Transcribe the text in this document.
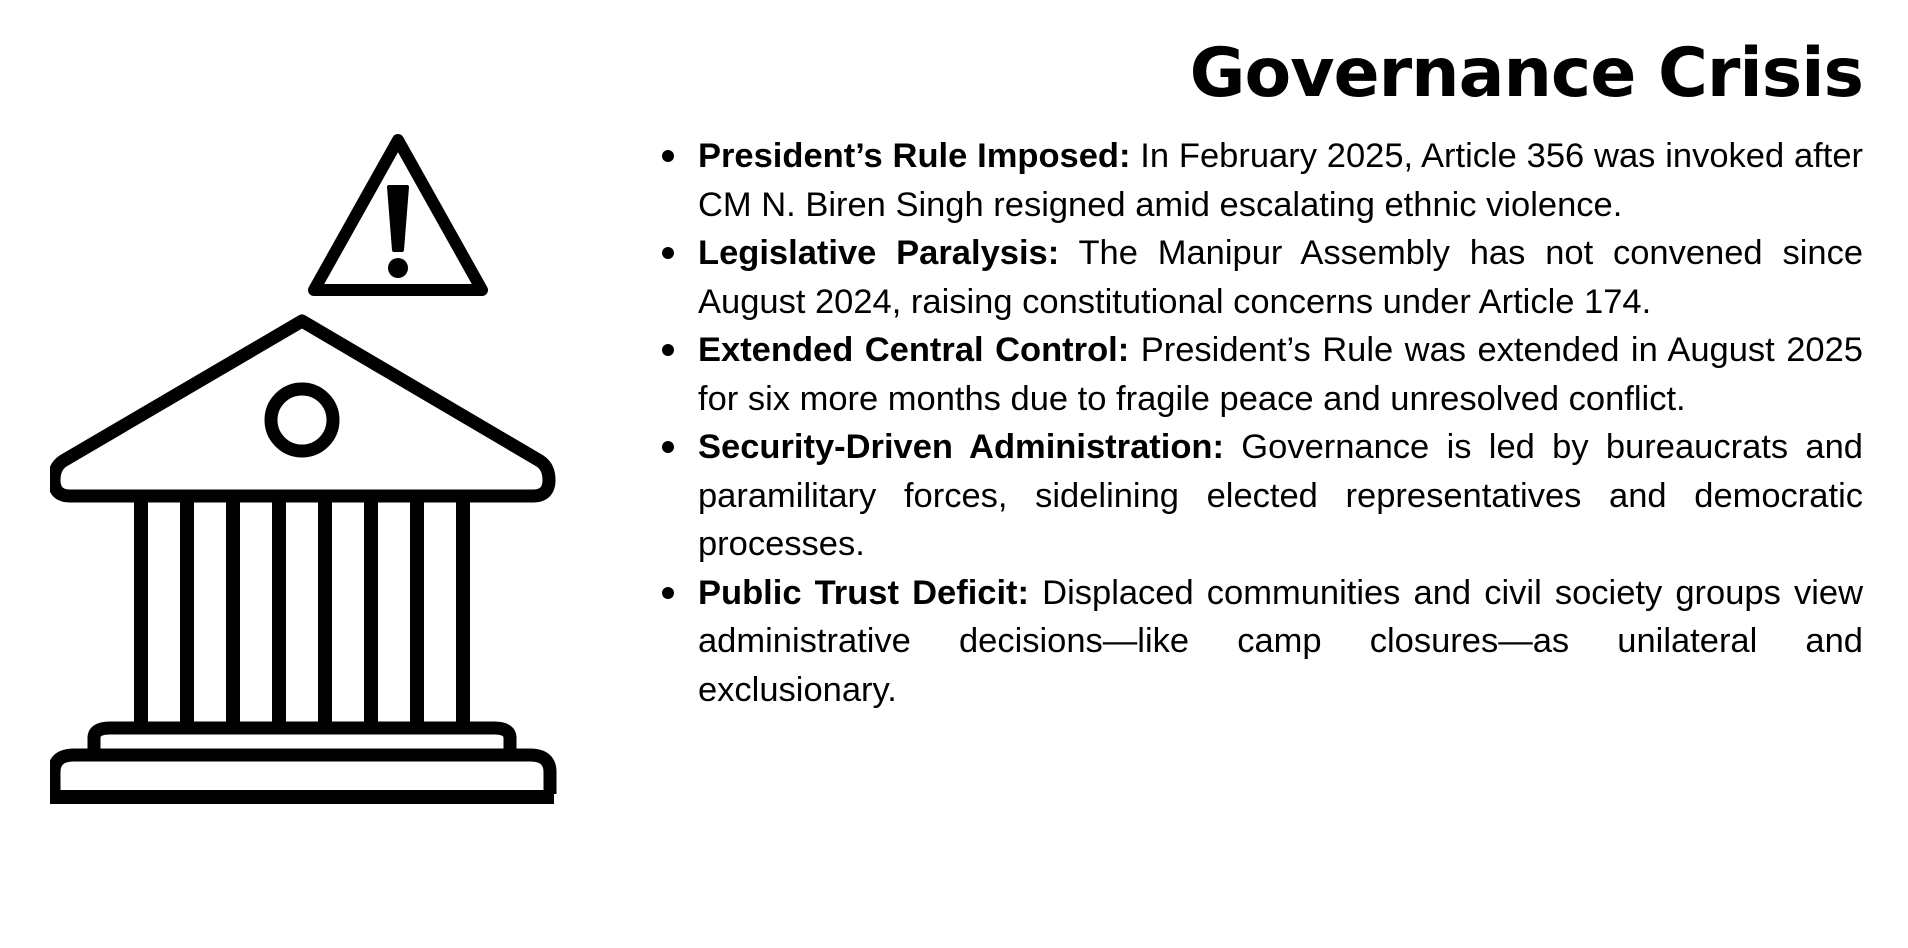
Governance Crisis
President’s Rule Imposed: In February 2025, Article 356 was invoked after CM N. Biren Singh resigned amid escalating ethnic violence.
Legislative Paralysis: The Manipur Assembly has not convened since August 2024, raising constitutional concerns under Article 174.
Extended Central Control: President’s Rule was extended in August 2025 for six more months due to fragile peace and unresolved conflict.
Security-Driven Administration: Governance is led by bureaucrats and paramilitary forces, sidelining elected representatives and democratic processes.
Public Trust Deficit: Displaced communities and civil society groups view administrative decisions—like camp closures—as unilateral and exclusionary.
